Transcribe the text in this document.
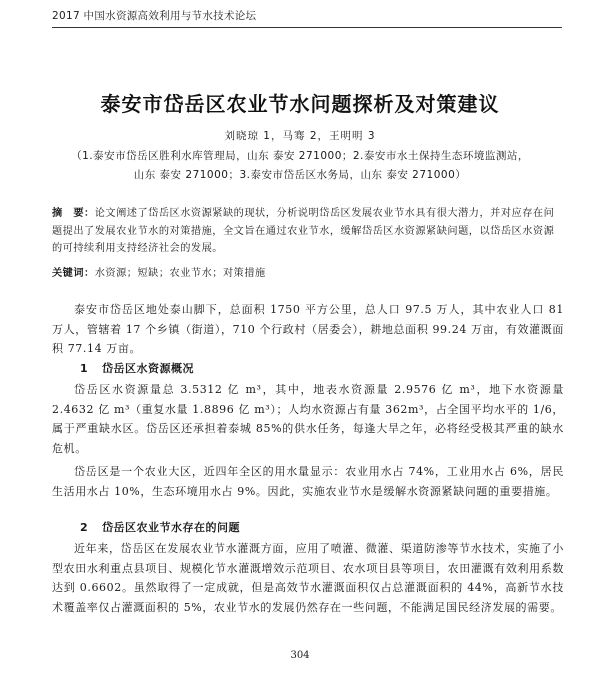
2017 中国水资源高效利用与节水技术论坛
泰安市岱岳区农业节水问题探析及对策建议
刘晓琼 1，马骞 2，王明明 3
（1.泰安市岱岳区胜利水库管理局，山东 泰安 271000；2.泰安市水土保持生态环境监测站，
山东 泰安 271000；3.泰安市岱岳区水务局，山东 泰安 271000）
摘　要：论文阐述了岱岳区水资源紧缺的现状，分析说明岱岳区发展农业节水具有很大潜力，并对应存在问题提出了发展农业节水的对策措施，全文旨在通过农业节水，缓解岱岳区水资源紧缺问题，以岱岳区水资源的可持续利用支持经济社会的发展。
关键词：水资源；短缺；农业节水；对策措施

泰安市岱岳区地处泰山脚下，总面积 1750 平方公里，总人口 97.5 万人，其中农业人口 81 万人，管辖着 17 个乡镇（街道），710 个行政村（居委会），耕地总面积 99.24 万亩，有效灌溉面积 77.14 万亩。

1 岱岳区水资源概况

岱岳区水资源量总 3.5312 亿 m³，其中，地表水资源量 2.9576 亿 m³，地下水资源量 2.4632 亿 m³（重复水量 1.8896 亿 m³）；人均水资源占有量 362m³，占全国平均水平的 1/6，属于严重缺水区。岱岳区还承担着泰城 85%的供水任务，每逢大旱之年，必将经受极其严重的缺水危机。

岱岳区是一个农业大区，近四年全区的用水量显示：农业用水占 74%，工业用水占 6%，居民生活用水占 10%，生态环境用水占 9%。因此，实施农业节水是缓解水资源紧缺问题的重要措施。

2 岱岳区农业节水存在的问题

近年来，岱岳区在发展农业节水灌溉方面，应用了喷灌、微灌、渠道防渗等节水技术，实施了小型农田水利重点县项目、规模化节水灌溉增效示范项目、农水项目县等项目，农田灌溉有效利用系数达到 0.6602。虽然取得了一定成就，但是高效节水灌溉面积仅占总灌溉面积的 44%，高新节水技术覆盖率仅占灌溉面积的 5%，农业节水的发展仍然存在一些问题，不能满足国民经济发展的需要。

304
